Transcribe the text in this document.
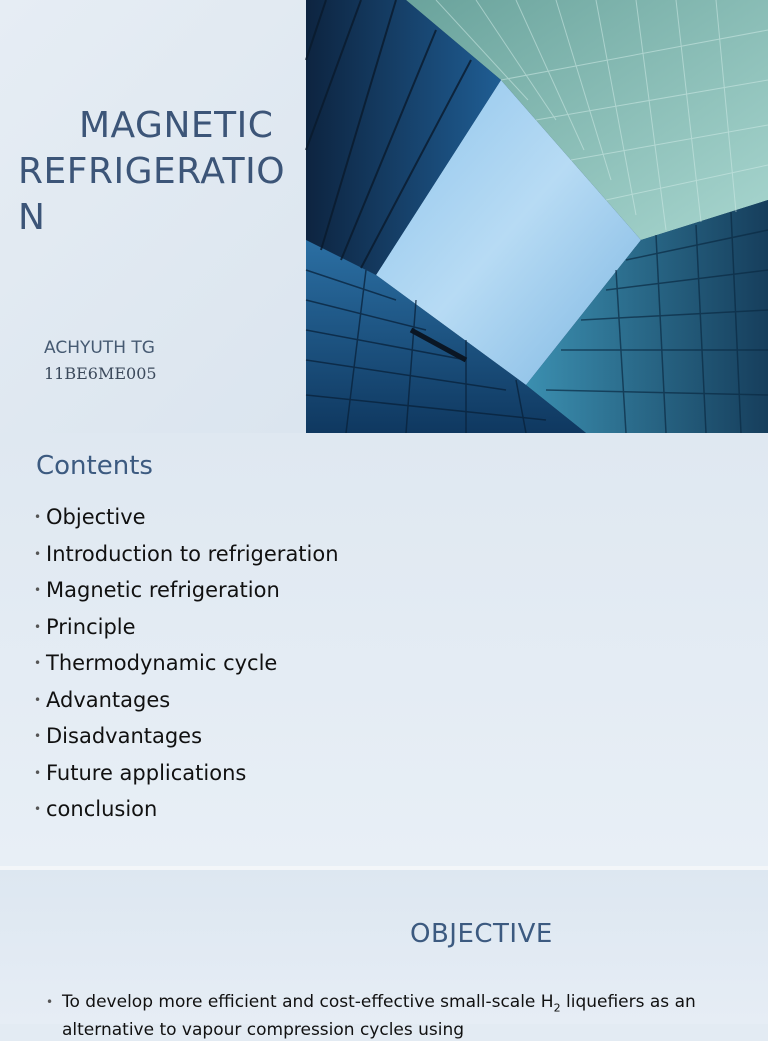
MAGNETIC
REFRIGERATION

ACHYUTH TG

11BE6ME005

Contents
• Objective
• Introduction to refrigeration
• Magnetic refrigeration
• Principle
• Thermodynamic cycle
• Advantages
• Disadvantages
• Future applications
• conclusion
OBJECTIVE

• To develop more efficient and cost-effective small-scale $H_2$ liquefiers as an alternative to vapour compression cycles using
